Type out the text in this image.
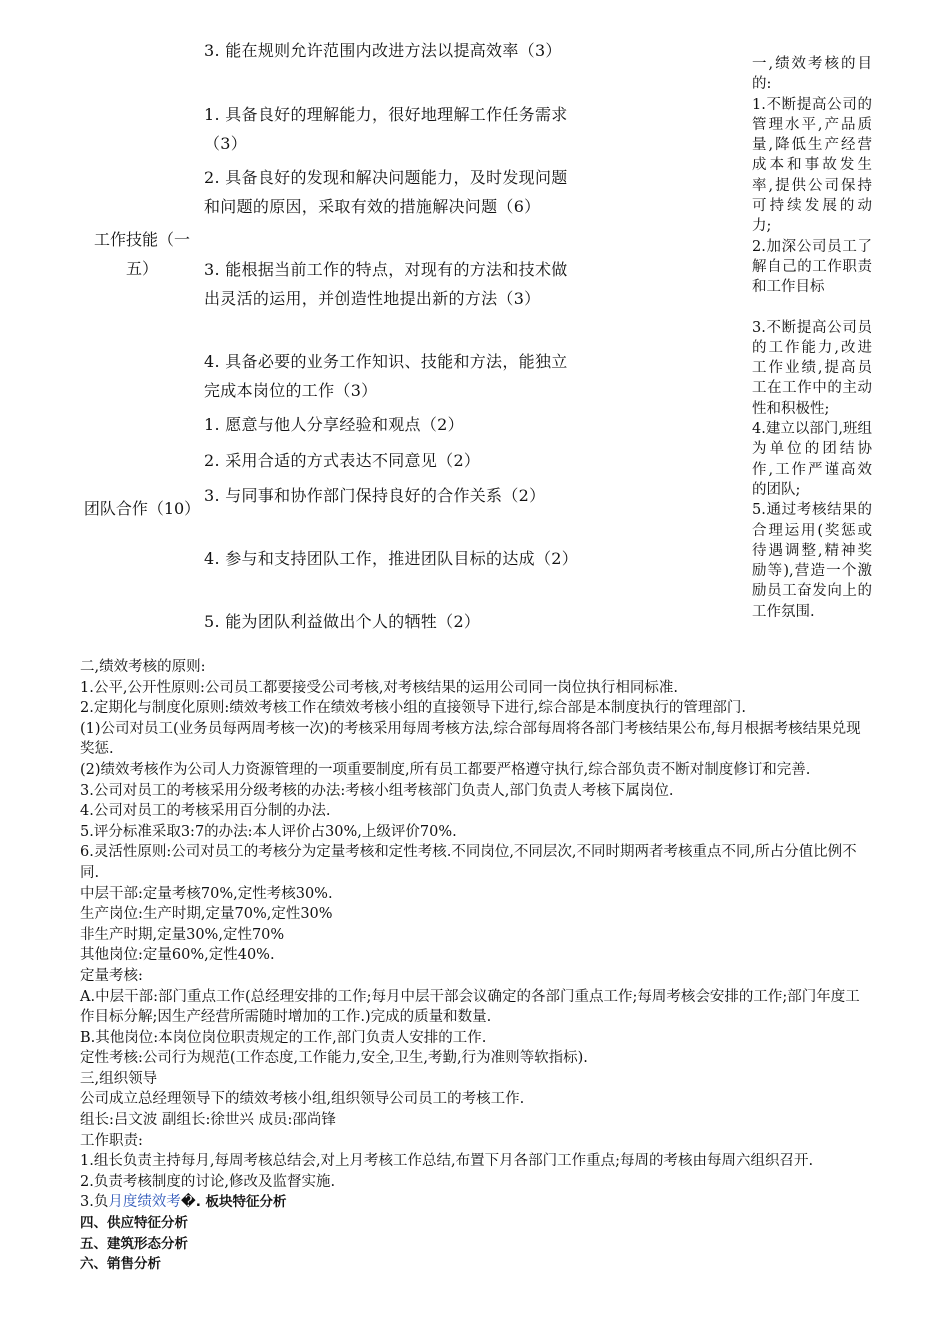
工作技能（一五）
3. 能在规则允许范围内改进方法以提高效率（3）
1. 具备良好的理解能力，很好地理解工作任务需求（3）
2. 具备良好的发现和解决问题能力，及时发现问题和问题的原因，采取有效的措施解决问题（6）
3. 能根据当前工作的特点，对现有的方法和技术做出灵活的运用，并创造性地提出新的方法（3）
4. 具备必要的业务工作知识、技能和方法，能独立完成本岗位的工作（3）
团队合作（10）
1. 愿意与他人分享经验和观点（2）
2. 采用合适的方式表达不同意见（2）
3. 与同事和协作部门保持良好的合作关系（2）
4. 参与和支持团队工作，推进团队目标的达成（2）
5. 能为团队利益做出个人的牺牲（2）

一,绩效考核的目的:

1.不断提高公司的管理水平,产品质量,降低生产经营成本和事故发生率,提供公司保持可持续发展的动力;

2.加深公司员工了解自己的工作职责和工作目标

3.不断提高公司员的工作能力,改进工作业绩,提高员工在工作中的主动性和积极性;

4.建立以部门,班组为单位的团结协作,工作严谨高效的团队;

5.通过考核结果的合理运用(奖惩或待遇调整,精神奖励等),营造一个激励员工奋发向上的工作氛围.

二,绩效考核的原则:

1.公平,公开性原则:公司员工都要接受公司考核,对考核结果的运用公司同一岗位执行相同标准.

2.定期化与制度化原则:绩效考核工作在绩效考核小组的直接领导下进行,综合部是本制度执行的管理部门.

(1)公司对员工(业务员每两周考核一次)的考核采用每周考核方法,综合部每周将各部门考核结果公布,每月根据考核结果兑现奖惩.

(2)绩效考核作为公司人力资源管理的一项重要制度,所有员工都要严格遵守执行,综合部负责不断对制度修订和完善.

3.公司对员工的考核采用分级考核的办法:考核小组考核部门负责人,部门负责人考核下属岗位.

4.公司对员工的考核采用百分制的办法.

5.评分标准采取3:7的办法:本人评价占30%,上级评价70%.

6.灵活性原则:公司对员工的考核分为定量考核和定性考核.不同岗位,不同层次,不同时期两者考核重点不同,所占分值比例不同.

中层干部:定量考核70%,定性考核30%.

生产岗位:生产时期,定量70%,定性30%

非生产时期,定量30%,定性70%

其他岗位:定量60%,定性40%.

定量考核:

A.中层干部:部门重点工作(总经理安排的工作;每月中层干部会议确定的各部门重点工作;每周考核会安排的工作;部门年度工作目标分解;因生产经营所需随时增加的工作.)完成的质量和数量.

B.其他岗位:本岗位岗位职责规定的工作,部门负责人安排的工作.

定性考核:公司行为规范(工作态度,工作能力,安全,卫生,考勤,行为准则等软指标).

三,组织领导

公司成立总经理领导下的绩效考核小组,组织领导公司员工的考核工作.

组长:吕文波 副组长:徐世兴 成员:邵尚锋

工作职责:

1.组长负责主持每月,每周考核总结会,对上月考核工作总结,布置下月各部门工作重点;每周的考核由每周六组织召开.

2.负责考核制度的讨论,修改及监督实施.

3.负月度绩效考�. 板块特征分析

四、供应特征分析

五、建筑形态分析

六、销售分析
